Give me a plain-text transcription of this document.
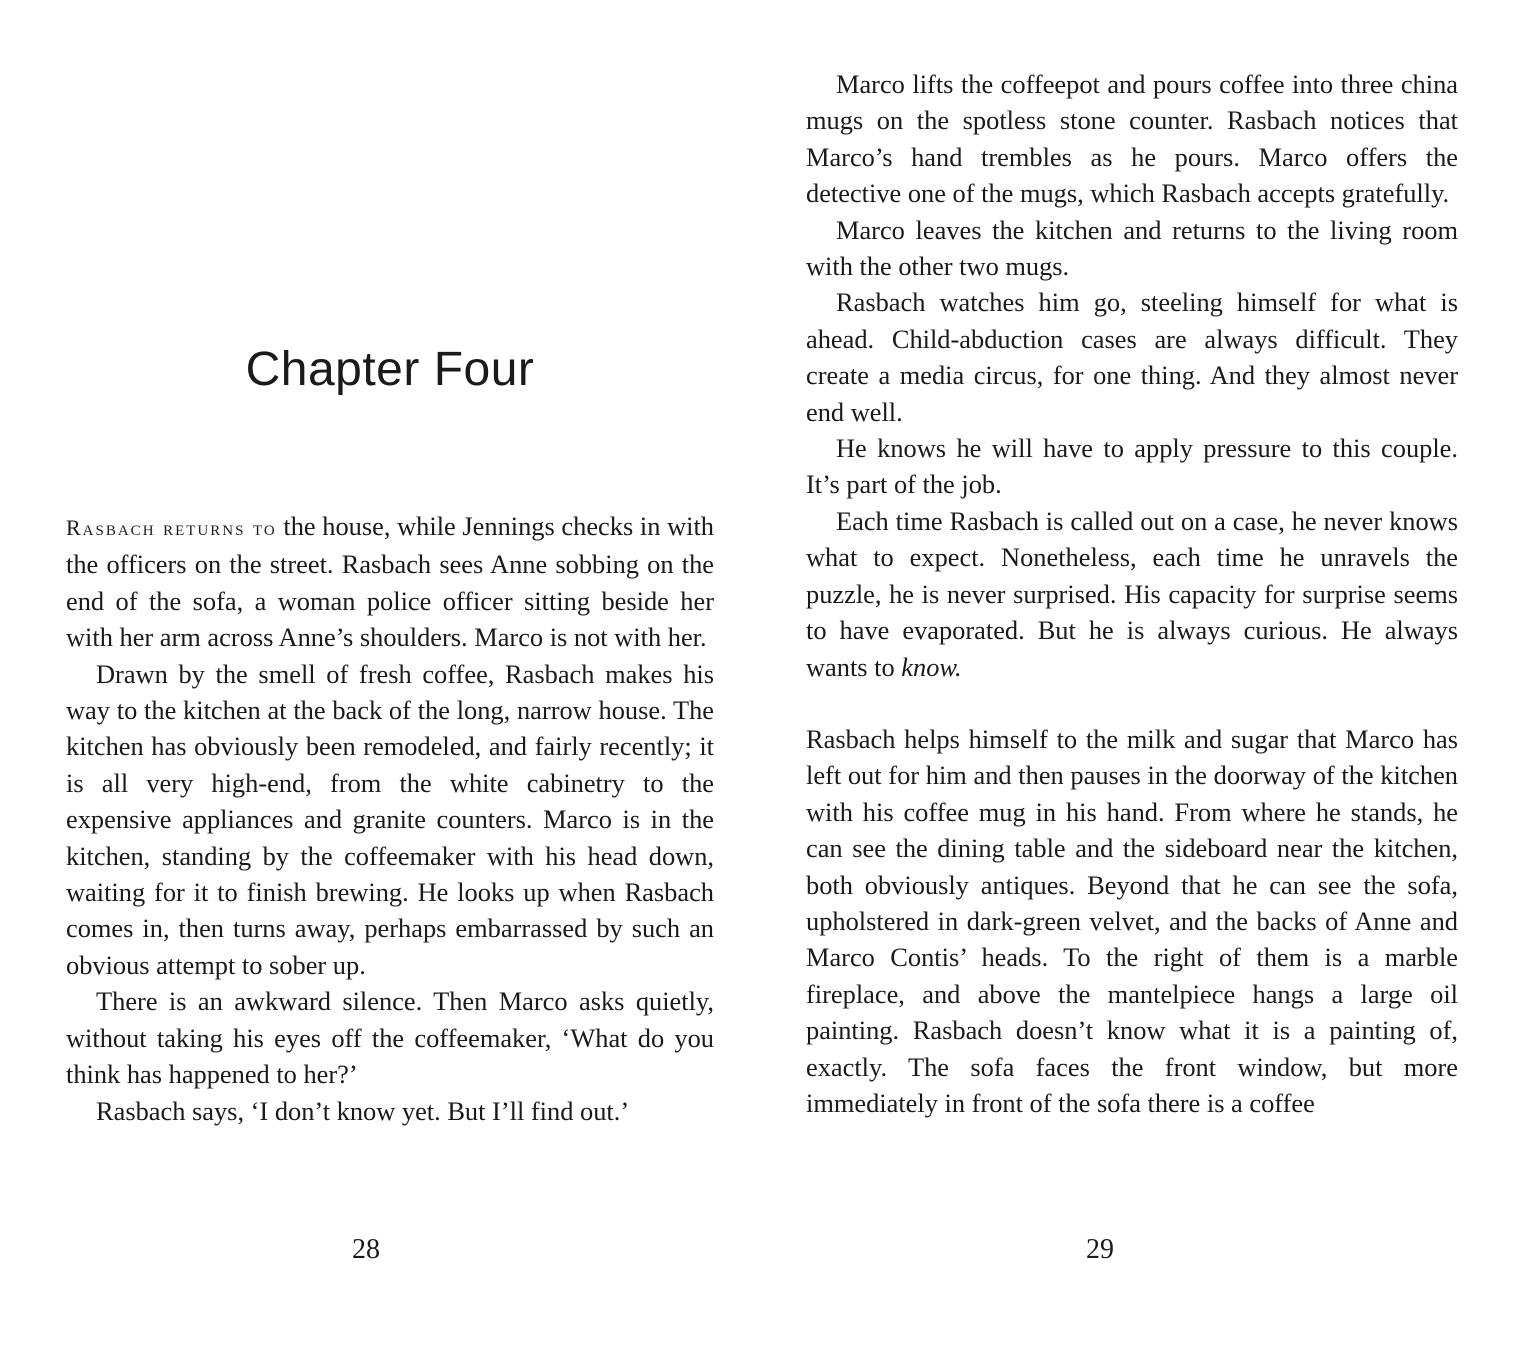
Chapter Four

Rasbach returns to the house, while Jennings checks in with the officers on the street. Rasbach sees Anne sobbing on the end of the sofa, a woman police officer sitting beside her with her arm across Anne’s shoulders. Marco is not with her.

Drawn by the smell of fresh coffee, Rasbach makes his way to the kitchen at the back of the long, narrow house. The kitchen has obviously been remodeled, and fairly recently; it is all very high-end, from the white cabinetry to the expensive appliances and granite counters. Marco is in the kitchen, standing by the coffeemaker with his head down, waiting for it to finish brewing. He looks up when Rasbach comes in, then turns away, perhaps embarrassed by such an obvious attempt to sober up.

There is an awkward silence. Then Marco asks quietly, without taking his eyes off the coffeemaker, ‘What do you think has happened to her?’

Rasbach says, ‘I don’t know yet. But I’ll find out.’

28

Marco lifts the coffeepot and pours coffee into three china mugs on the spotless stone counter. Rasbach notices that Marco’s hand trembles as he pours. Marco offers the detective one of the mugs, which Rasbach accepts gratefully.

Marco leaves the kitchen and returns to the living room with the other two mugs.

Rasbach watches him go, steeling himself for what is ahead. Child-abduction cases are always difficult. They create a media circus, for one thing. And they almost never end well.

He knows he will have to apply pressure to this couple. It’s part of the job.

Each time Rasbach is called out on a case, he never knows what to expect. Nonetheless, each time he unravels the puzzle, he is never surprised. His capacity for surprise seems to have evaporated. But he is always curious. He always wants to know.

Rasbach helps himself to the milk and sugar that Marco has left out for him and then pauses in the doorway of the kitchen with his coffee mug in his hand. From where he stands, he can see the dining table and the sideboard near the kitchen, both obviously antiques. Beyond that he can see the sofa, upholstered in dark-green velvet, and the backs of Anne and Marco Contis’ heads. To the right of them is a marble fireplace, and above the mantelpiece hangs a large oil painting. Rasbach doesn’t know what it is a painting of, exactly. The sofa faces the front window, but more immediately in front of the sofa there is a coffee

29
